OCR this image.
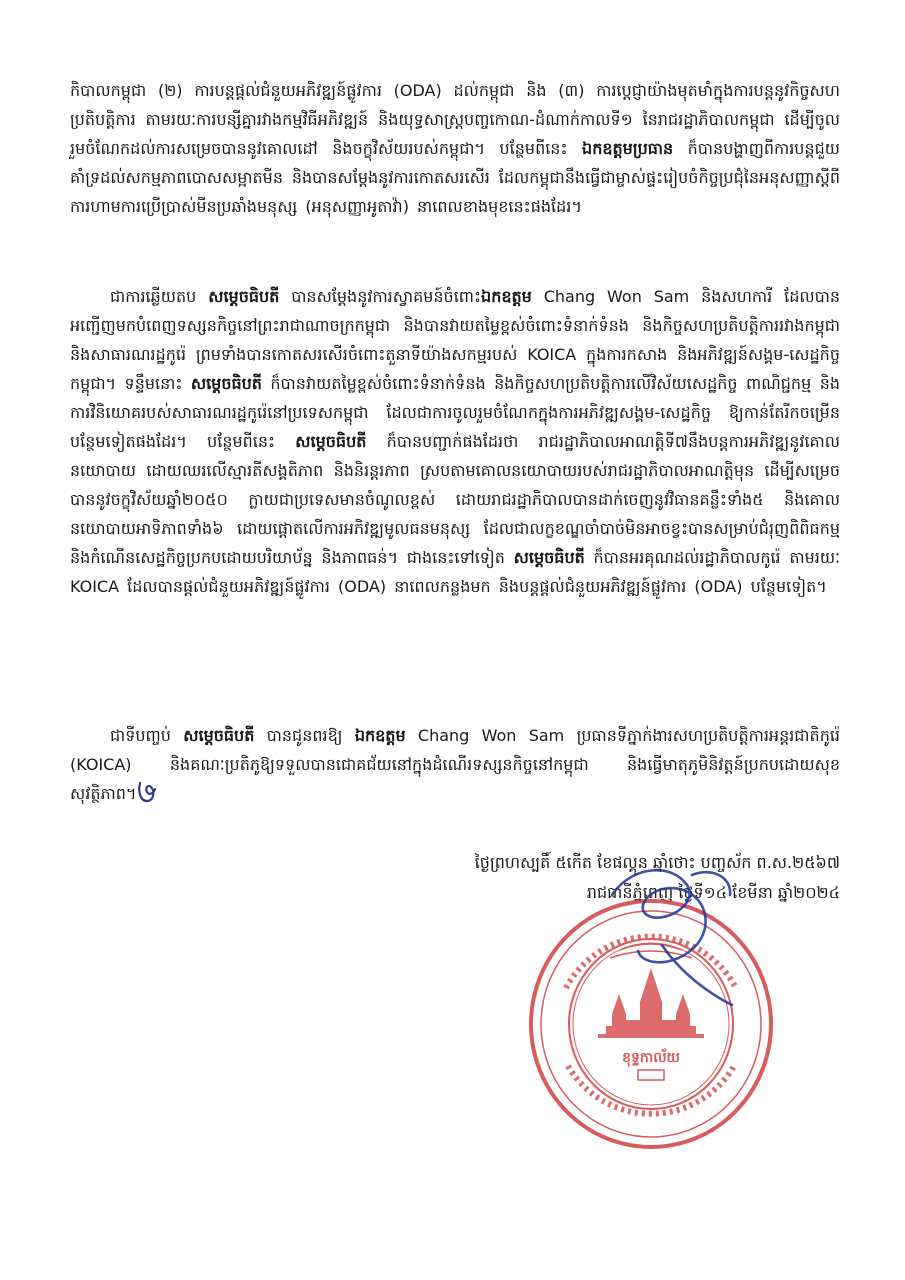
កិបាលកម្ពុជា (២) ការបន្តផ្តល់ជំនួយអភិវឌ្ឍន៍ផ្លូវការ (ODA) ដល់កម្ពុជា និង (៣) ការប្តេជ្ញាយ៉ាងមុតមាំក្នុងការបន្តនូវកិច្ចសហប្រតិបត្តិការ តាមរយៈការបន្សីគ្នារវាងកម្មវិធីអភិវឌ្ឍន៍ និងយុទ្ធសាស្ត្របញ្ចកោណ-ដំណាក់កាលទី១ នៃរាជរដ្ឋាភិបាលកម្ពុជា ដើម្បីចូលរួមចំណែកដល់ការសម្រេចបាននូវគោលដៅ និងចក្ខុវិស័យរបស់កម្ពុជា។ បន្ថែមពីនេះ ឯកឧត្តមប្រធាន ក៏បានបង្ហាញពីការបន្តជួយគាំទ្រដល់សកម្មភាពបោសសម្អាតមីន និងបានសម្តែងនូវការកោតសរសើរ ដែលកម្ពុជានឹងធ្វើជាម្ចាស់ផ្ទះរៀបចំកិច្ចប្រជុំនៃអនុសញ្ញាស្តីពីការហាមការប្រើប្រាស់មីនប្រឆាំងមនុស្ស (អនុសញ្ញាអូតាវ៉ា) នាពេលខាងមុខនេះផងដែរ។

ជាការឆ្លើយតប សម្តេចធិបតី បានសម្តែងនូវការស្វាគមន៍ចំពោះឯកឧត្តម Chang Won Sam និងសហការី ដែលបានអញ្ជើញមកបំពេញទស្សនកិច្ចនៅព្រះរាជាណាចក្រកម្ពុជា និងបានវាយតម្លៃខ្ពស់ចំពោះទំនាក់ទំនង និងកិច្ចសហប្រតិបត្តិការរវាងកម្ពុជានិងសាធារណរដ្ឋកូរ៉េ ព្រមទាំងបានកោតសរសើរចំពោះតួនាទីយ៉ាងសកម្មរបស់ KOICA ក្នុងការកសាង និងអភិវឌ្ឍន៍សង្គម-សេដ្ឋកិច្ចកម្ពុជា។ ទន្ទឹមនោះ សម្តេចធិបតី ក៏បានវាយតម្លៃខ្ពស់ចំពោះទំនាក់ទំនង និងកិច្ចសហប្រតិបត្តិការលើវិស័យសេដ្ឋកិច្ច ពាណិជ្ជកម្ម និងការវិនិយោគរបស់សាធារណរដ្ឋកូរ៉េនៅប្រទេសកម្ពុជា ដែលជាការចូលរួមចំណែកក្នុងការអភិវឌ្ឍសង្គម-សេដ្ឋកិច្ច ឱ្យកាន់តែរីកចម្រើនបន្ថែមទៀតផងដែរ។ បន្ថែមពីនេះ សម្តេចធិបតី ក៏បានបញ្ជាក់ផងដែរថា រាជរដ្ឋាភិបាលអាណត្តិទី៧នឹងបន្តការអភិវឌ្ឍនូវគោលនយោបាយ ដោយឈរលើស្មារតីសង្គតិភាព និងនិរន្តរភាព ស្របតាមគោលនយោបាយរបស់រាជរដ្ឋាភិបាលអាណត្តិមុន ដើម្បីសម្រេចបាននូវចក្ខុវិស័យឆ្នាំ២០៥០ ក្លាយជាប្រទេសមានចំណូលខ្ពស់ ដោយរាជរដ្ឋាភិបាលបានដាក់ចេញនូវវិធានគន្លឹះទាំង៥ និងគោលនយោបាយអាទិភាពទាំង៦ ដោយផ្តោតលើការអភិវឌ្ឍមូលធនមនុស្ស ដែលជាលក្ខខណ្ឌចាំបាច់មិនអាចខ្វះបានសម្រាប់ជំរុញពិពិធកម្ម និងកំណើនសេដ្ឋកិច្ចប្រកបដោយបរិយាប័ន្ន និងភាពធន់។ ជាងនេះទៅទៀត សម្តេចធិបតី ក៏បានអរគុណដល់រដ្ឋាភិបាលកូរ៉េ តាមរយៈ KOICA ដែលបានផ្តល់ជំនួយអភិវឌ្ឍន៍ផ្លូវការ (ODA) នាពេលកន្លងមក និងបន្តផ្តល់ជំនួយអភិវឌ្ឍន៍ផ្លូវការ (ODA) បន្ថែមទៀត។

ជាទីបញ្ចប់ សម្តេចធិបតី បានជូនពរឱ្យ ឯកឧត្តម Chang Won Sam ប្រធានទីភ្នាក់ងារសហប្រតិបត្តិការអន្តរជាតិកូរ៉េ (KOICA) និងគណៈប្រតិភូឱ្យទទួលបានជោគជ័យនៅក្នុងដំណើរទស្សនកិច្ចនៅកម្ពុជា និងធ្វើមាតុភូមិនិវត្តន៍ប្រកបដោយសុខសុវត្ថិភាព។

ថ្ងៃព្រហស្បតិ៍ ៥កើត ខែផល្គុន ឆ្នាំថោះ បញ្ចស័ក ព.ស.២៥៦៧
រាជធានីភ្នំពេញ ថ្ងៃទី១៤ ខែមីនា ឆ្នាំ២០២៤
ខុទ្ទកាល័យ
